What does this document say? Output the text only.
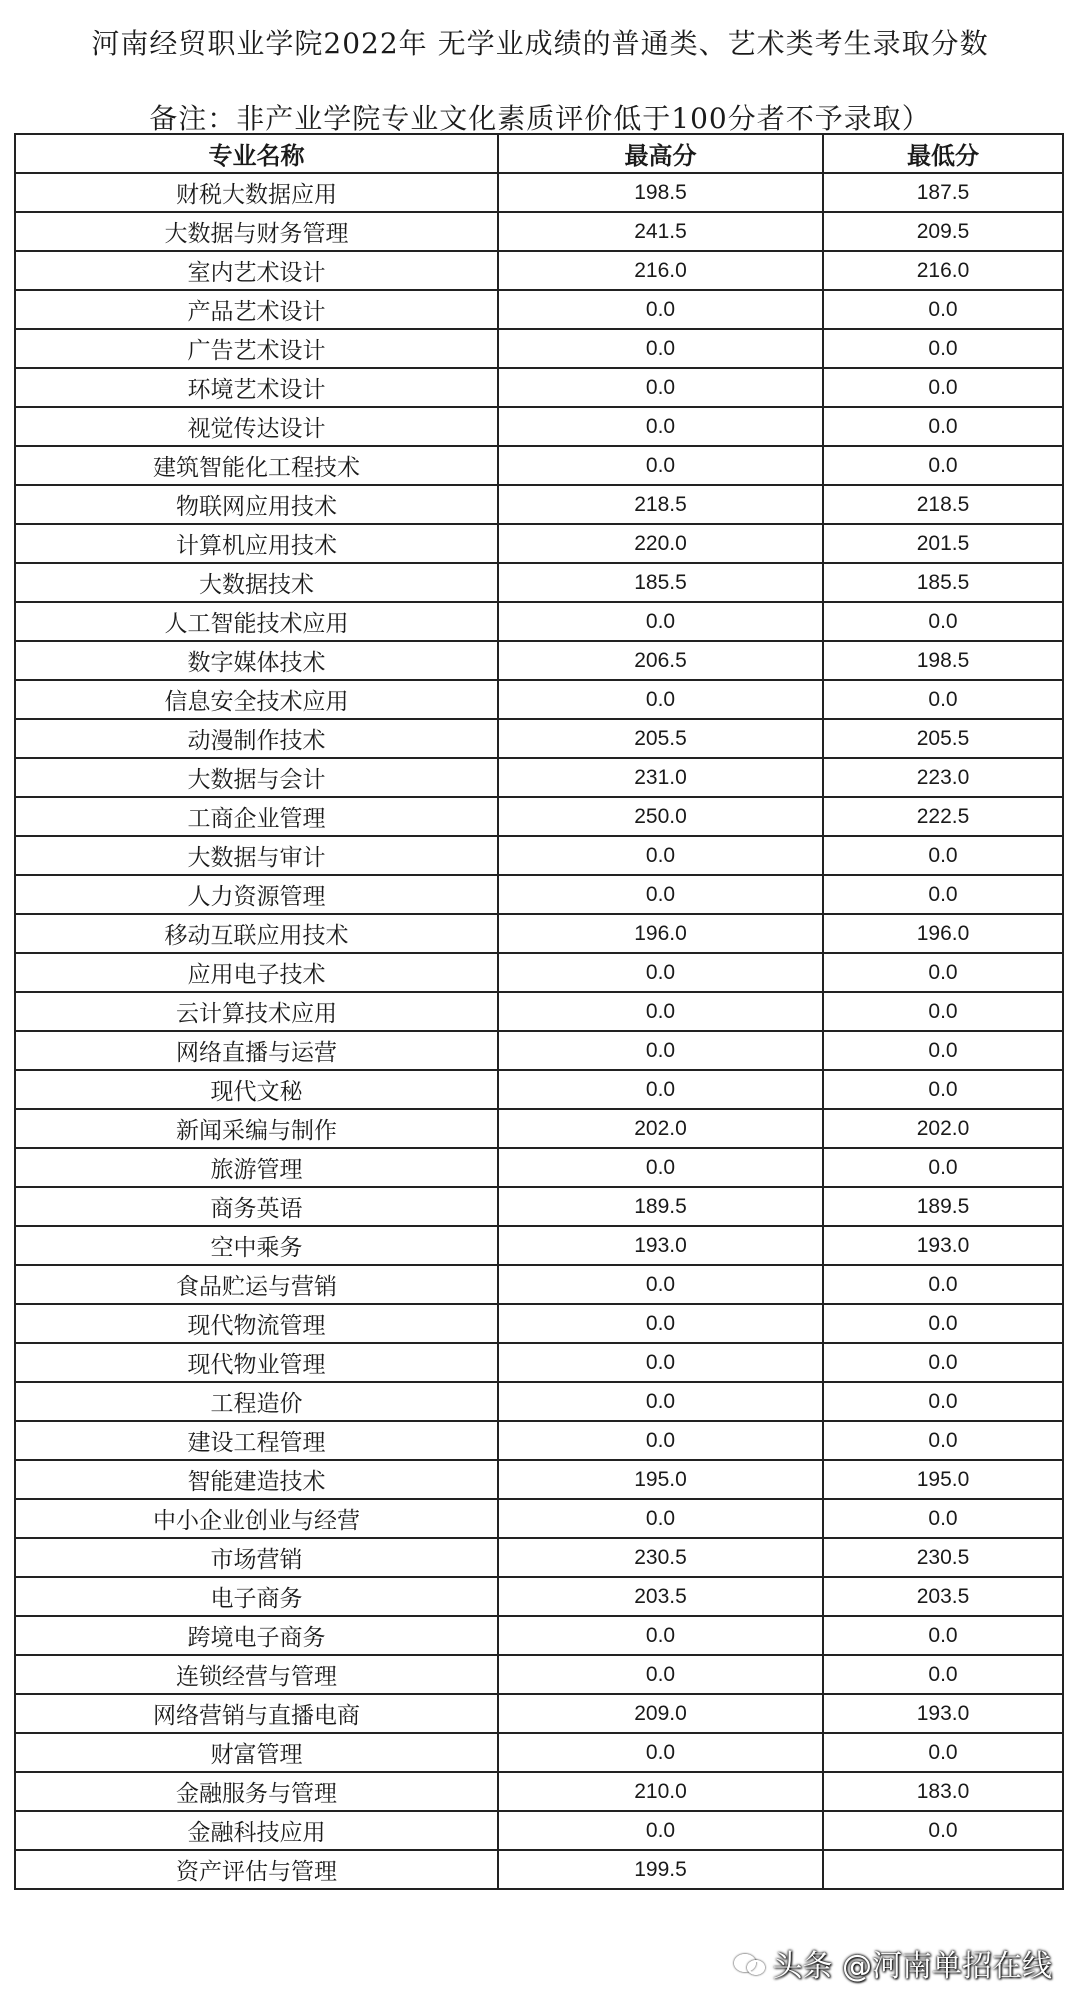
河南经贸职业学院2022年 无学业成绩的普通类、艺术类考生录取分数
备注：非产业学院专业文化素质评价低于100分者不予录取）
专业名称	最高分	最低分
财税大数据应用	198.5	187.5
大数据与财务管理	241.5	209.5
室内艺术设计	216.0	216.0
产品艺术设计	0.0	0.0
广告艺术设计	0.0	0.0
环境艺术设计	0.0	0.0
视觉传达设计	0.0	0.0
建筑智能化工程技术	0.0	0.0
物联网应用技术	218.5	218.5
计算机应用技术	220.0	201.5
大数据技术	185.5	185.5
人工智能技术应用	0.0	0.0
数字媒体技术	206.5	198.5
信息安全技术应用	0.0	0.0
动漫制作技术	205.5	205.5
大数据与会计	231.0	223.0
工商企业管理	250.0	222.5
大数据与审计	0.0	0.0
人力资源管理	0.0	0.0
移动互联应用技术	196.0	196.0
应用电子技术	0.0	0.0
云计算技术应用	0.0	0.0
网络直播与运营	0.0	0.0
现代文秘	0.0	0.0
新闻采编与制作	202.0	202.0
旅游管理	0.0	0.0
商务英语	189.5	189.5
空中乘务	193.0	193.0
食品贮运与营销	0.0	0.0
现代物流管理	0.0	0.0
现代物业管理	0.0	0.0
工程造价	0.0	0.0
建设工程管理	0.0	0.0
智能建造技术	195.0	195.0
中小企业创业与经营	0.0	0.0
市场营销	230.5	230.5
电子商务	203.5	203.5
跨境电子商务	0.0	0.0
连锁经营与管理	0.0	0.0
网络营销与直播电商	209.0	193.0
财富管理	0.0	0.0
金融服务与管理	210.0	183.0
金融科技应用	0.0	0.0
资产评估与管理	199.5	
头条 @河南单招在线
